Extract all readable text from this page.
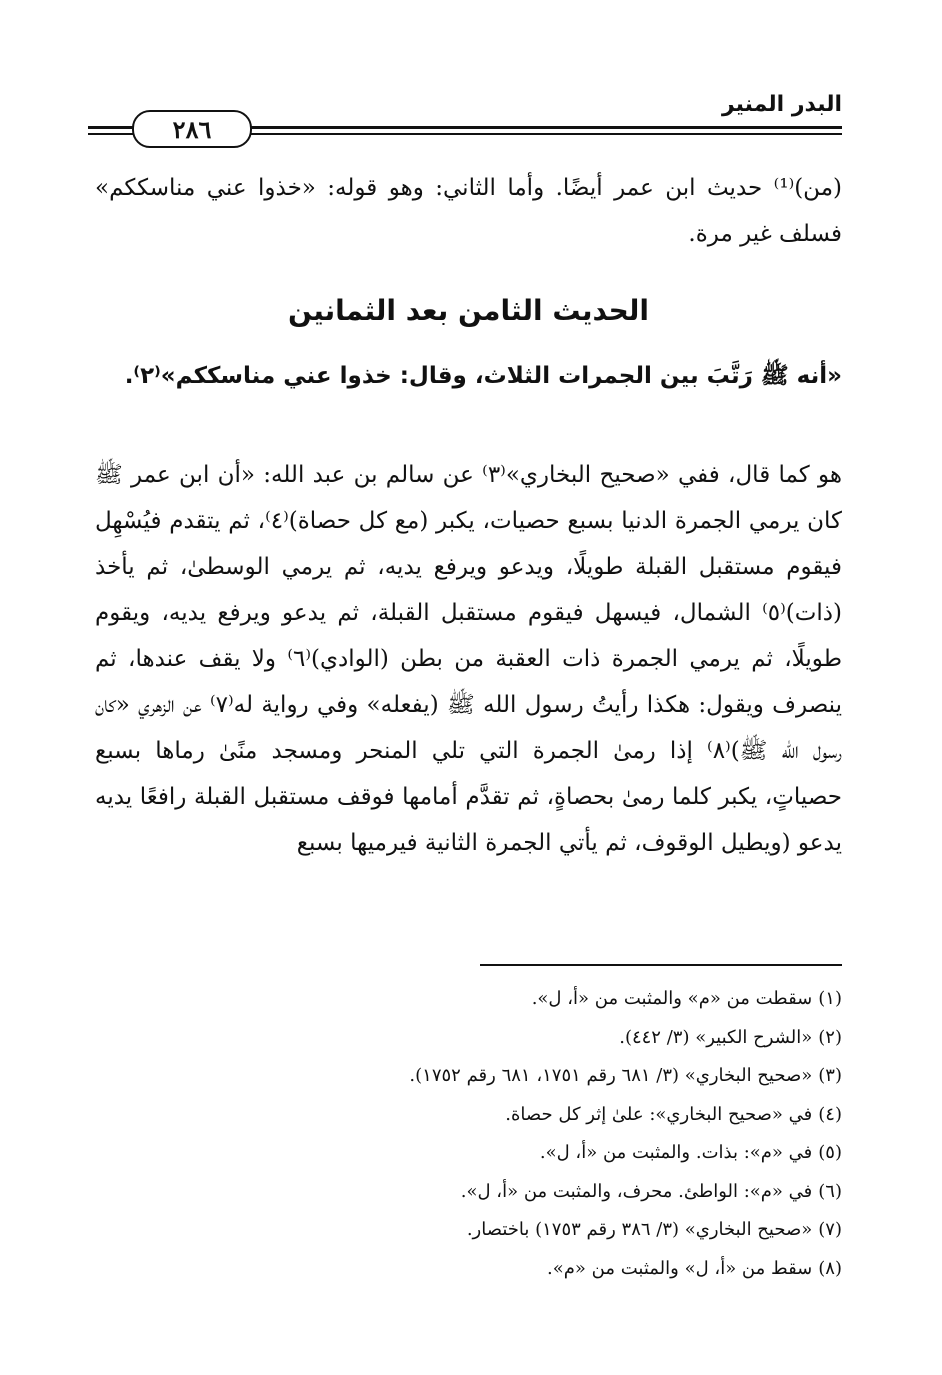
البدر المنير
٢٨٦

(من)⁽¹⁾ حديث ابن عمر أيضًا. وأما الثاني: وهو قوله: «خذوا عني مناسككم» فسلف غير مرة.

الحديث الثامن بعد الثمانين

«أنه ﷺ رَتَّبَ بين الجمرات الثلاث، وقال: خذوا عني مناسككم»⁽٢⁾.

هو كما قال، ففي «صحيح البخاري»⁽٣⁾ عن سالم بن عبد الله: «أن ابن عمر ﷺ كان يرمي الجمرة الدنيا بسبع حصيات، يكبر (مع كل حصاة)⁽٤⁾، ثم يتقدم فيُسْهِل فيقوم مستقبل القبلة طويلًا، ويدعو ويرفع يديه، ثم يرمي الوسطىٰ، ثم يأخذ (ذات)⁽٥⁾ الشمال، فيسهل فيقوم مستقبل القبلة، ثم يدعو ويرفع يديه، ويقوم طويلًا، ثم يرمي الجمرة ذات العقبة من بطن (الوادي)⁽٦⁾ ولا يقف عندها، ثم ينصرف ويقول: هكذا رأيتُ رسول الله ﷺ (يفعله» وفي رواية له⁽٧⁾ عن الزهري «كان رسول الله ﷺ)⁽٨⁾ إذا رمىٰ الجمرة التي تلي المنحر ومسجد منًىٰ رماها بسبع حصياتٍ، يكبر كلما رمىٰ بحصاةٍ، ثم تقدَّم أمامها فوقف مستقبل القبلة رافعًا يديه يدعو (ويطيل الوقوف، ثم يأتي الجمرة الثانية فيرميها بسبع

(١)سقطت من «م» والمثبت من «أ، ل».

(٢)«الشرح الكبير» (٣/ ٤٤٢).

(٣)«صحيح البخاري» (٣/ ٦٨١ رقم ١٧٥١، ٦٨١ رقم ١٧٥٢).

(٤)في «صحيح البخاري»: علىٰ إثر كل حصاة.

(٥)في «م»: بذات. والمثبت من «أ، ل».

(٦)في «م»: الواطئ. محرف، والمثبت من «أ، ل».

(٧)«صحيح البخاري» (٣/ ٣٨٦ رقم ١٧٥٣) باختصار.

(٨)سقط من «أ، ل» والمثبت من «م».
